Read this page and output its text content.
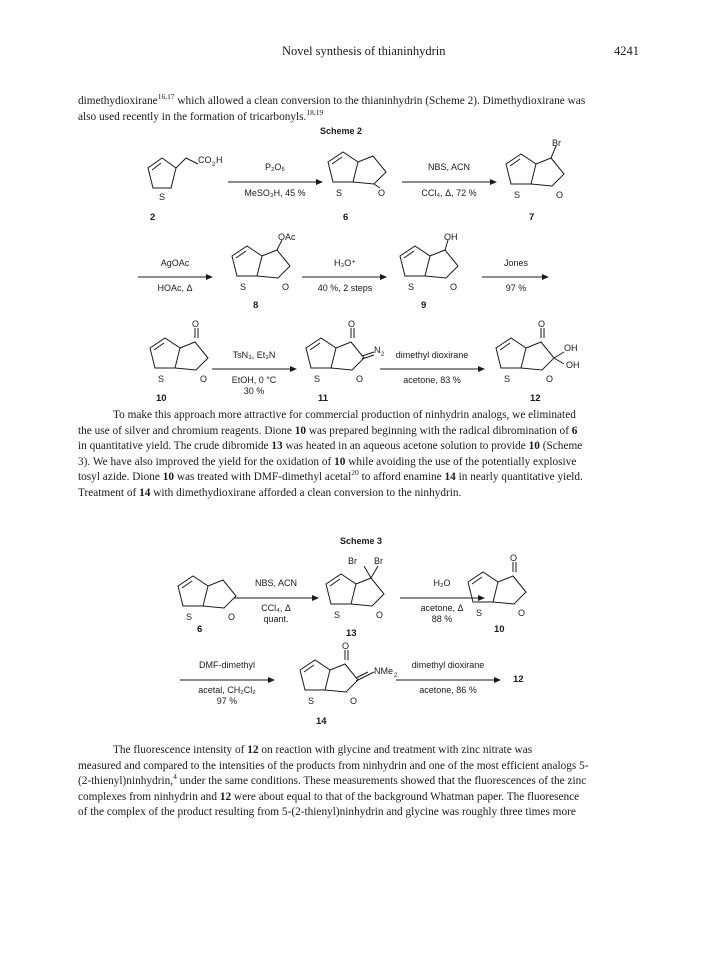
Novel synthesis of thianinhydrin	4241

dimethydioxirane$^{16,17}$ which allowed a clean conversion to the thianinhydrin (Scheme 2). Dimethydioxirane was

also used recently in the formation of tricarbonyls.$^{18,19}$

Scheme 2
S
CO 2 H
2
P₂O₅
MeSO₃H, 45 %	S	O
6
NBS, ACN
CCl₄, Δ, 72 %	S	O
Br
7
AgOAc
HOAc, Δ	S	O
OAc
8
H₃O⁺
40 %, 2 steps	S	O
OH
9
Jones
97 %
S	O
O
10
TsN₃, Et₃N
EtOH, 0 °C
30 %
S	O
O
N 2
11
dimethyl dioxirane
acetone, 83 %	S	O
O
OH
OH
12

To make this approach more attractive for commercial production of ninhydrin analogs, we eliminated

the use of silver and chromium reagents. Dione 10 was prepared beginning with the radical dibromination of 6

in quantitative yield. The crude dibromide 13 was heated in an aqueous acetone solution to provide 10 (Scheme

3). We have also improved the yield for the oxidation of 10 while avoiding the use of the potentially explosive

tosyl azide. Dione 10 was treated with DMF-dimethyl acetal$^{20}$ to afford enamine 14 in nearly quantitative yield.

Treatment of 14 with dimethydioxirane afforded a clean conversion to the ninhydrin.

Scheme 3
S	O
6
NBS, ACN
CCl₄, Δ
quant.	S	O
Br Br
13
H₂O
acetone, Δ
88 %
S	O
O
10
DMF-dimethyl
acetal, CH₂Cl₂
97 %	S	O
O
NMe 2
14
dimethyl dioxirane
acetone, 86 %
12

The fluorescence intensity of 12 on reaction with glycine and treatment with zinc nitrate was

measured and compared to the intensities of the products from ninhydrin and one of the most efficient analogs 5-

(2-thienyl)ninhydrin,$^4$ under the same conditions. These measurements showed that the fluorescences of the zinc

complexes from ninhydrin and 12 were about equal to that of the background Whatman paper. The fluoresence

of the complex of the product resulting from 5-(2-thienyl)ninhydrin and glycine was roughly three times more
